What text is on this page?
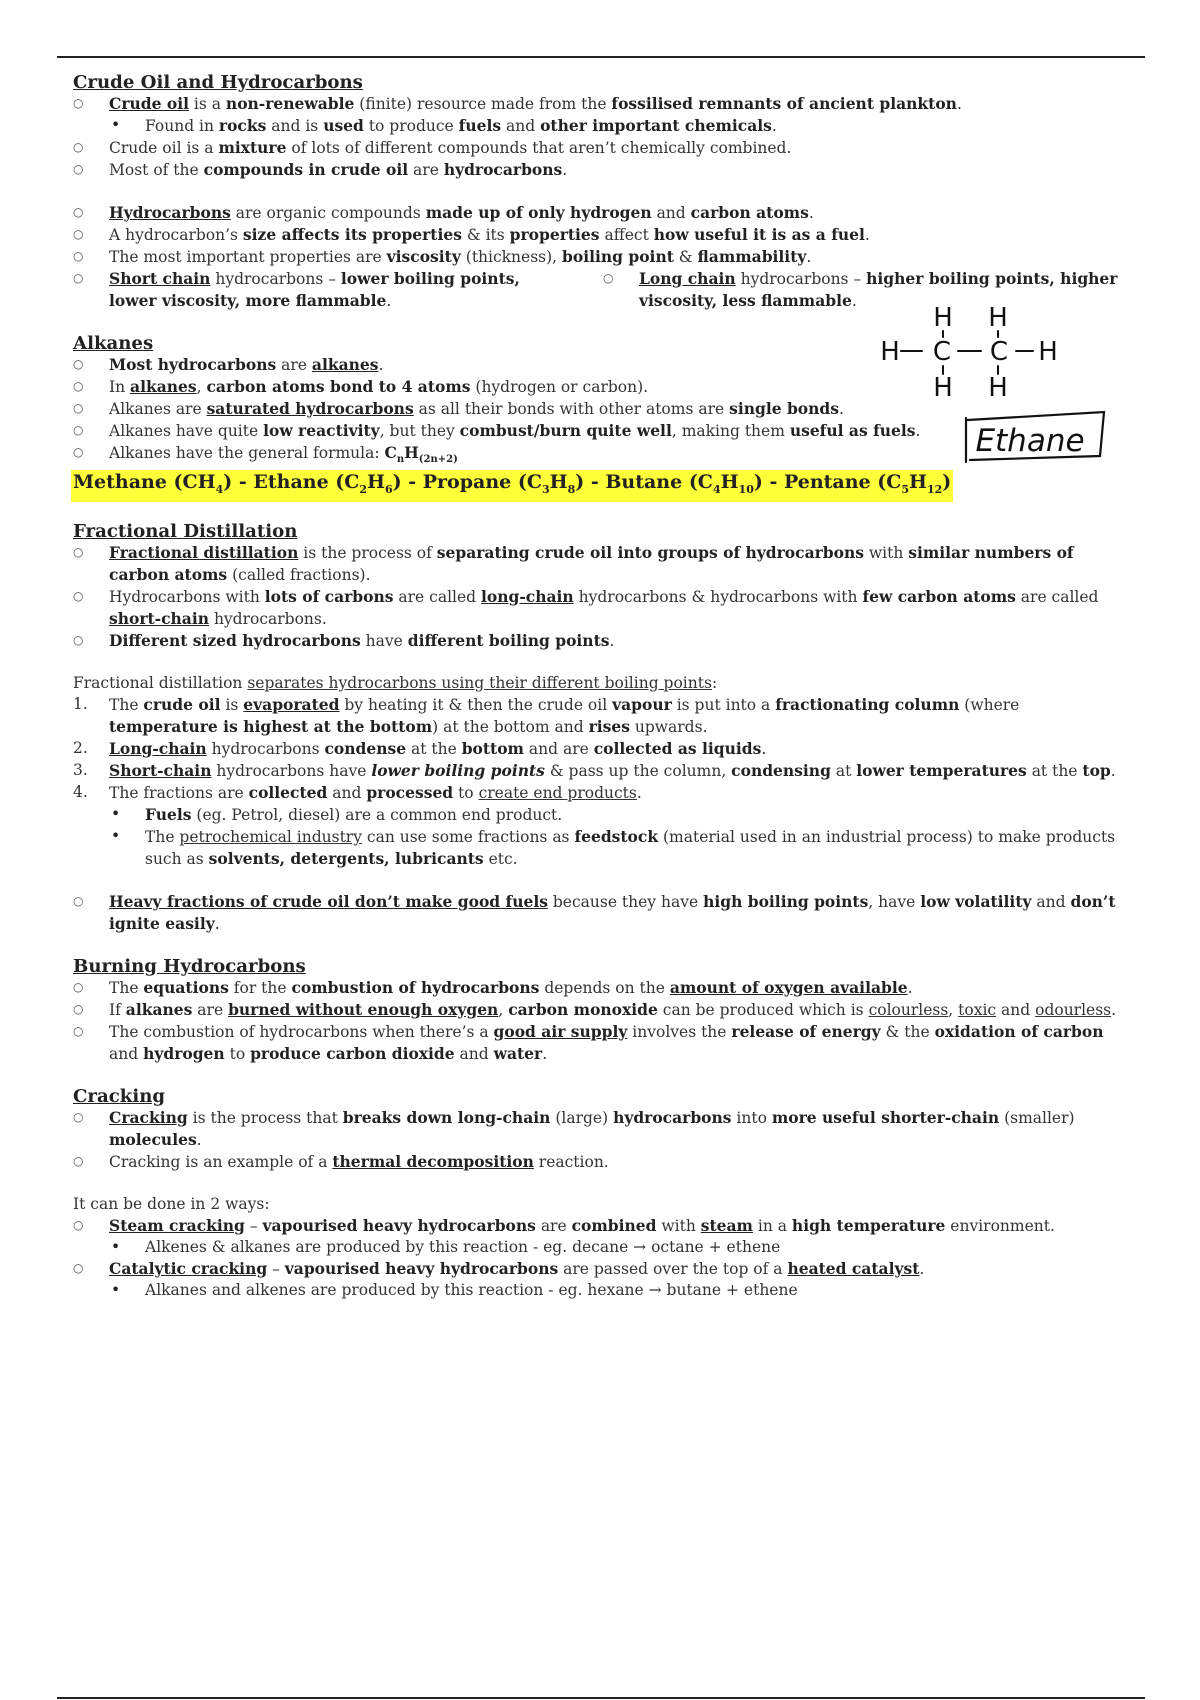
Crude Oil and Hydrocarbons
○ Crude oil is a non-renewable (finite) resource made from the fossilised remnants of ancient plankton.
• Found in rocks and is used to produce fuels and other important chemicals.
○ Crude oil is a mixture of lots of different compounds that aren’t chemically combined.
○ Most of the compounds in crude oil are hydrocarbons.
○ Hydrocarbons are organic compounds made up of only hydrogen and carbon atoms.
○ A hydrocarbon’s size affects its properties & its properties affect how useful it is as a fuel.
○ The most important properties are viscosity (thickness), boiling point & flammability.
○ Short chain hydrocarbons – lower boiling points, lower viscosity, more flammable.
○ Long chain hydrocarbons – higher boiling points, higher viscosity, less flammable.
Alkanes
○ Most hydrocarbons are alkanes.
○ In alkanes, carbon atoms bond to 4 atoms (hydrogen or carbon).
○ Alkanes are saturated hydrocarbons as all their bonds with other atoms are single bonds.
○ Alkanes have quite low reactivity, but they combust/burn quite well, making them useful as fuels.
○ Alkanes have the general formula: $C_nH_{(2n+2)}$
Methane $(CH_4)$ - Ethane $(C_2H_6)$ - Propane $(C_3H_8)$ - Butane $(C_4H_{10})$ - Pentane $(C_5H_{12})$
Fractional Distillation
○ Fractional distillation is the process of separating crude oil into groups of hydrocarbons with similar numbers of carbon atoms (called fractions).
○ Hydrocarbons with lots of carbons are called long-chain hydrocarbons & hydrocarbons with few carbon atoms are called short-chain hydrocarbons.
○ Different sized hydrocarbons have different boiling points.

Fractional distillation separates hydrocarbons using their different boiling points:

1. The crude oil is evaporated by heating it & then the crude oil vapour is put into a fractionating column (where temperature is highest at the bottom) at the bottom and rises upwards.
2. Long-chain hydrocarbons condense at the bottom and are collected as liquids.
3. Short-chain hydrocarbons have lower boiling points & pass up the column, condensing at lower temperatures at the top.
4. The fractions are collected and processed to create end products.
• Fuels (eg. Petrol, diesel) are a common end product.
• The petrochemical industry can use some fractions as feedstock (material used in an industrial process) to make products such as solvents, detergents, lubricants etc.
○ Heavy fractions of crude oil don’t make good fuels because they have high boiling points, have low volatility and don’t ignite easily.
Burning Hydrocarbons
○ The equations for the combustion of hydrocarbons depends on the amount of oxygen available.
○ If alkanes are burned without enough oxygen, carbon monoxide can be produced which is colourless, toxic and odourless.
○ The combustion of hydrocarbons when there’s a good air supply involves the release of energy & the oxidation of carbon and hydrogen to produce carbon dioxide and water.
Cracking
○ Cracking is the process that breaks down long-chain (large) hydrocarbons into more useful shorter-chain (smaller) molecules.
○ Cracking is an example of a thermal decomposition reaction.

It can be done in 2 ways:

○ Steam cracking – vapourised heavy hydrocarbons are combined with steam in a high temperature environment.
• Alkenes & alkanes are produced by this reaction - eg. decane → octane + ethene
○ Catalytic cracking – vapourised heavy hydrocarbons are passed over the top of a heated catalyst.
• Alkanes and alkenes are produced by this reaction - eg. hexane → butane + ethene
H H
H C C H
H H
Ethane
